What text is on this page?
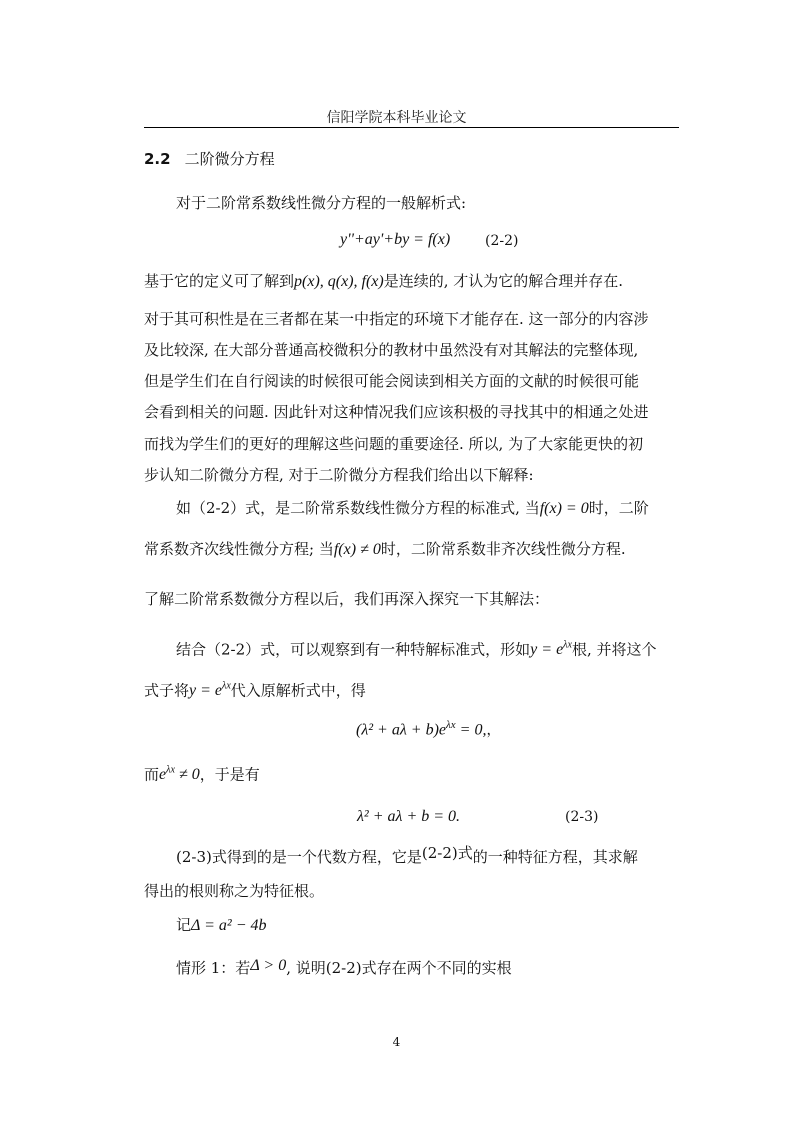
信阳学院本科毕业论文
2.2 二阶微分方程
对于二阶常系数线性微分方程的一般解析式:
y''+ay'+by = f(x) (2-2)
基于它的定义可了解到p(x), q(x), f(x)是连续的, 才认为它的解合理并存在.
对于其可积性是在三者都在某一中指定的环境下才能存在. 这一部分的内容涉
及比较深, 在大部分普通高校微积分的教材中虽然没有对其解法的完整体现,
但是学生们在自行阅读的时候很可能会阅读到相关方面的文献的时候很可能
会看到相关的问题. 因此针对这种情况我们应该积极的寻找其中的相通之处进
而找为学生们的更好的理解这些问题的重要途径. 所以, 为了大家能更快的初
步认知二阶微分方程, 对于二阶微分方程我们给出以下解释:
如（2-2）式，是二阶常系数线性微分方程的标准式, 当f(x) = 0时，二阶
常系数齐次线性微分方程; 当f(x) ≠ 0时，二阶常系数非齐次线性微分方程.
了解二阶常系数微分方程以后，我们再深入探究一下其解法：
结合（2-2）式，可以观察到有一种特解标准式，形如$y = e^{\lambda x}$根, 并将这个
式子将$y = e^{\lambda x}$代入原解析式中，得
$(\lambda^2 + a\lambda + b)e^{\lambda x} = 0$,，
而$e^{\lambda x} \ne 0$，于是有
λ² + aλ + b = 0.	(2-3)
(2-3)式得到的是一个代数方程，它是(2-2)式的一种特征方程，其求解
得出的根则称之为特征根。
记Δ = a² − 4b
情形 1：若Δ > 0, 说明(2-2)式存在两个不同的实根
4
